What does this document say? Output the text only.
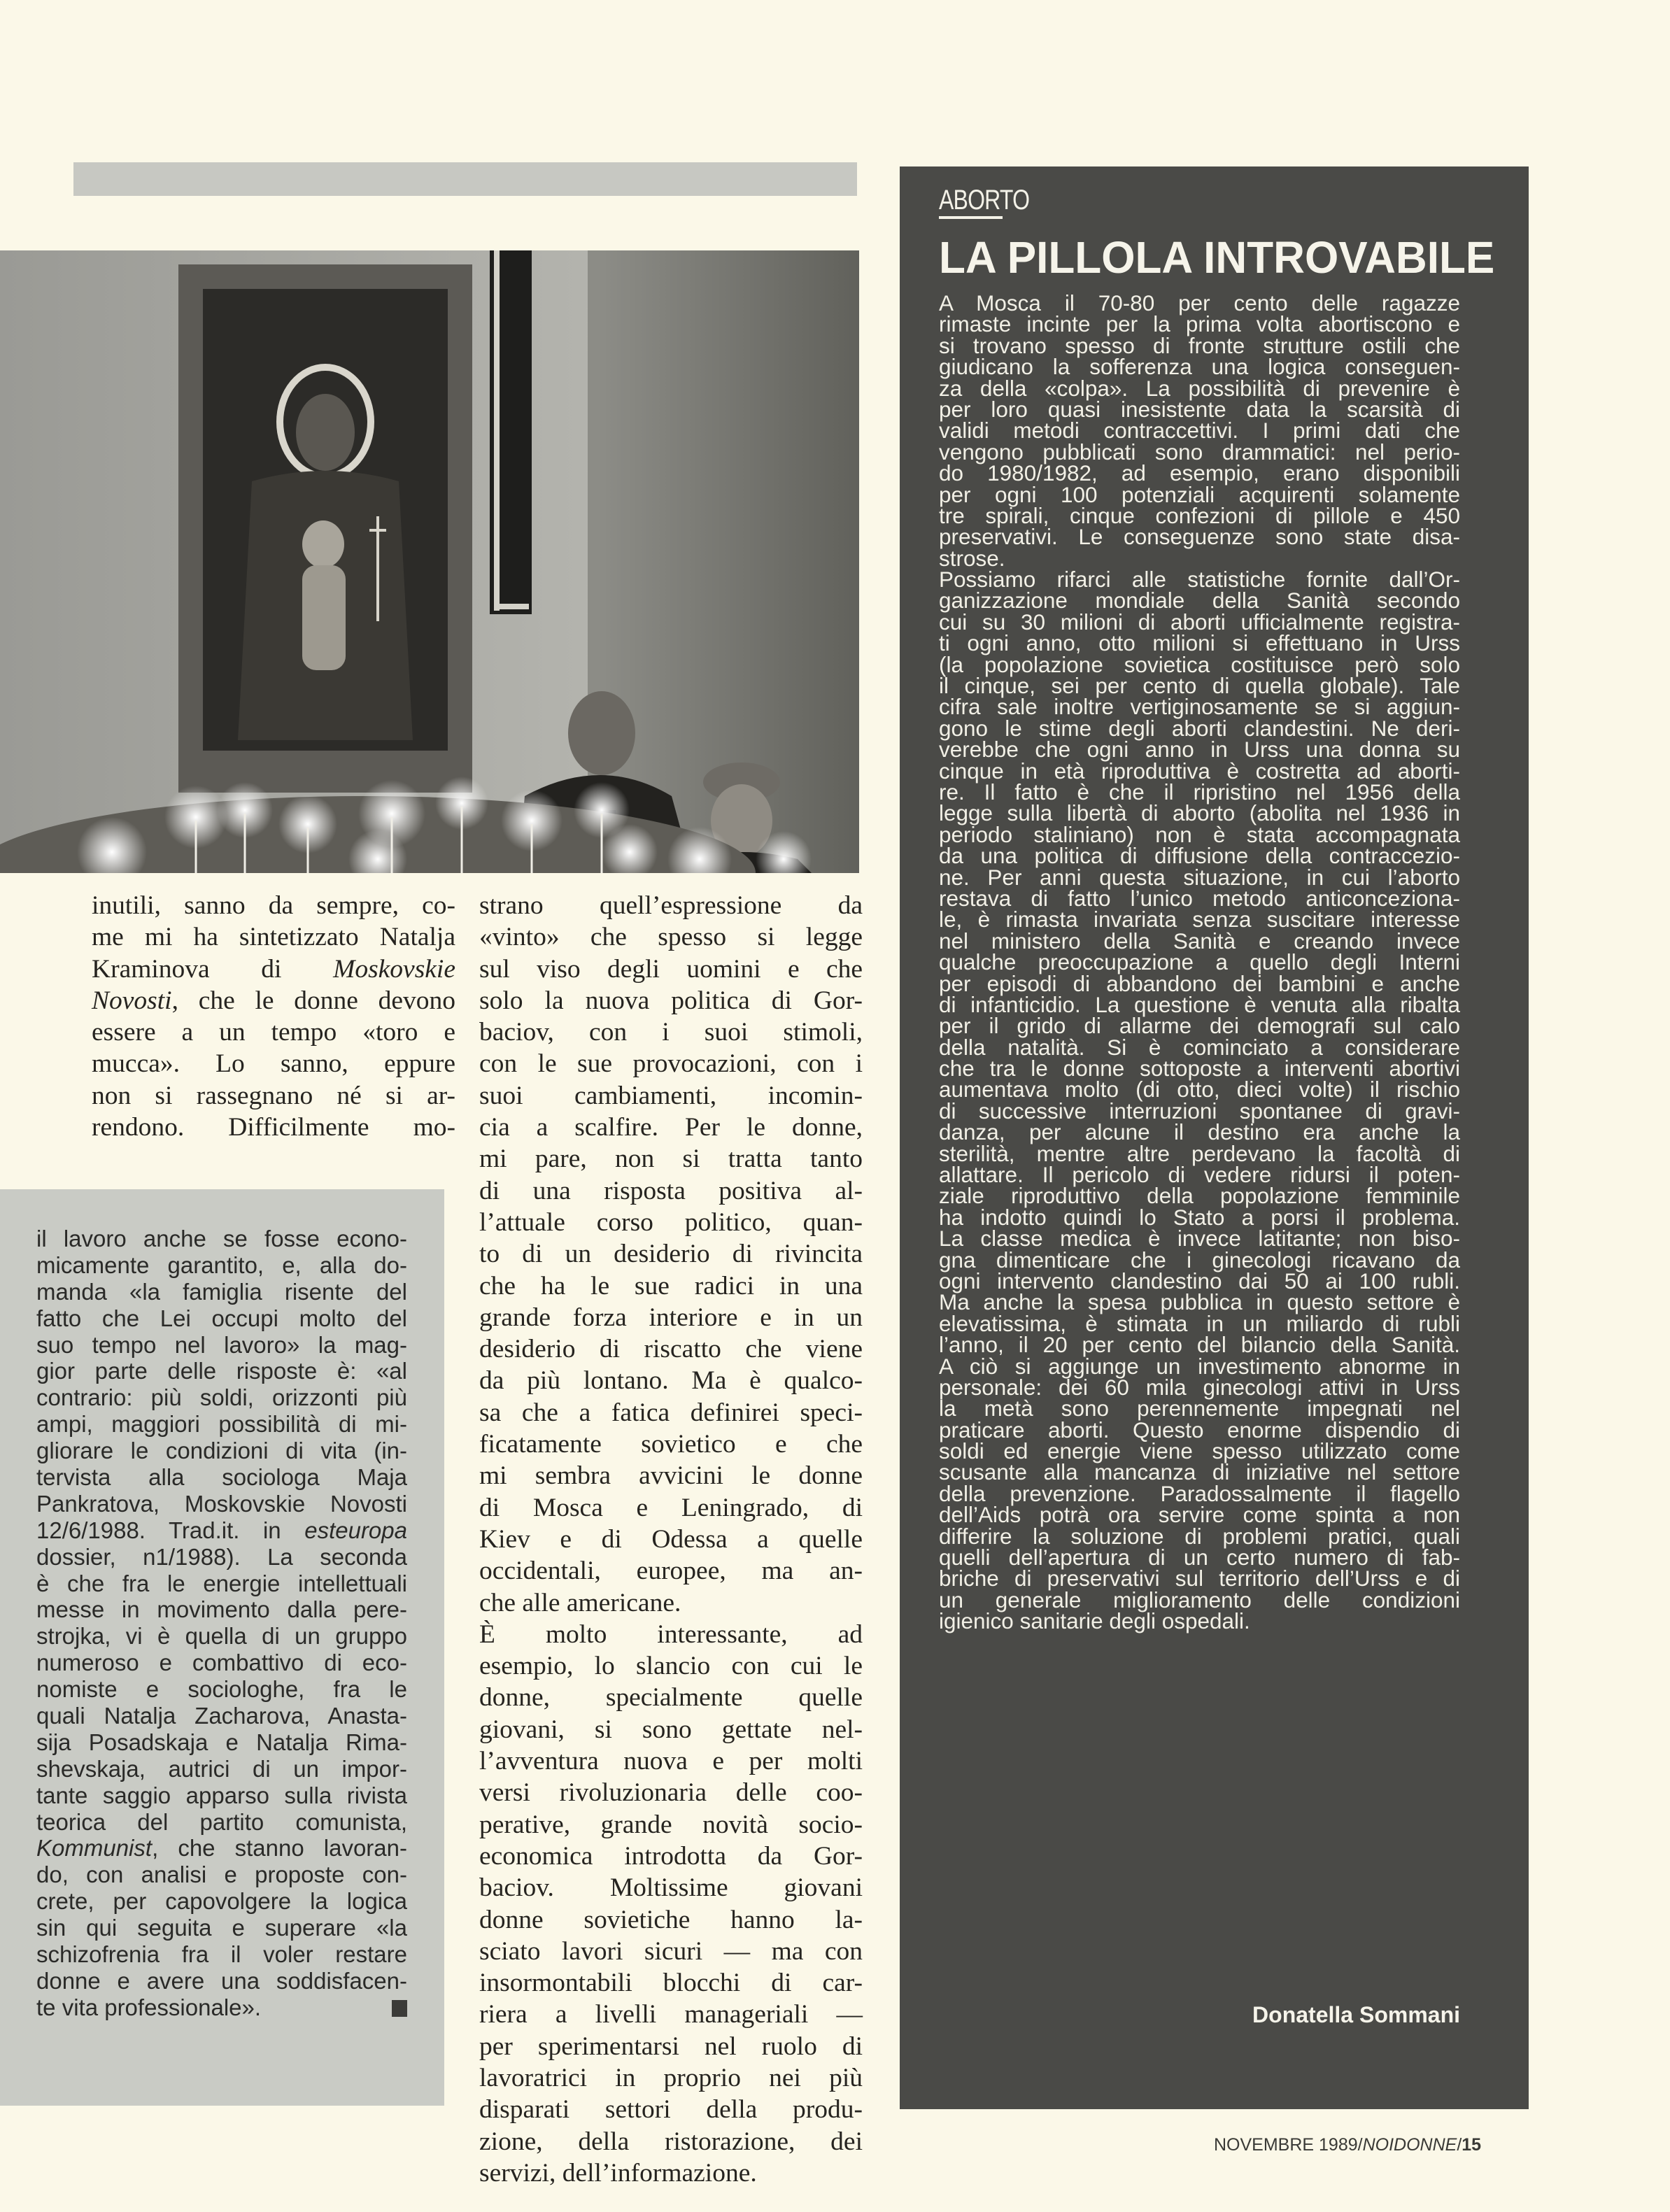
inutili, sanno da sempre, co-
me mi ha sintetizzato Natalja
Kraminova di Moskovskie
Novosti, che le donne devono
essere a un tempo «toro e
mucca». Lo sanno, eppure
non si rassegnano né si ar-
rendono. Difficilmente mo-
strano quell’espressione da
«vinto» che spesso si legge
sul viso degli uomini e che
solo la nuova politica di Gor-
baciov, con i suoi stimoli,
con le sue provocazioni, con i
suoi cambiamenti, incomin-
cia a scalfire. Per le donne,
mi pare, non si tratta tanto
di una risposta positiva al-
l’attuale corso politico, quan-
to di un desiderio di rivincita
che ha le sue radici in una
grande forza interiore e in un
desiderio di riscatto che viene
da più lontano. Ma è qualco-
sa che a fatica definirei speci-
ficatamente sovietico e che
mi sembra avvicini le donne
di Mosca e Leningrado, di
Kiev e di Odessa a quelle
occidentali, europee, ma an-
che alle americane.
È molto interessante, ad
esempio, lo slancio con cui le
donne, specialmente quelle
giovani, si sono gettate nel-
l’avventura nuova e per molti
versi rivoluzionaria delle coo-
perative, grande novità socio-
economica introdotta da Gor-
baciov. Moltissime giovani
donne sovietiche hanno la-
sciato lavori sicuri — ma con
insormontabili blocchi di car-
riera a livelli manageriali —
per sperimentarsi nel ruolo di
lavoratrici in proprio nei più
disparati settori della produ-
zione, della ristorazione, dei
servizi, dell’informazione.
il lavoro anche se fosse econo-
micamente garantito, e, alla do-
manda «la famiglia risente del
fatto che Lei occupi molto del
suo tempo nel lavoro» la mag-
gior parte delle risposte è: «al
contrario: più soldi, orizzonti più
ampi, maggiori possibilità di mi-
gliorare le condizioni di vita (in-
tervista alla sociologa Maja
Pankratova, Moskovskie Novosti
12/6/1988. Trad.it. in esteuropa
dossier, n1/1988). La seconda
è che fra le energie intellettuali
messe in movimento dalla pere-
strojka, vi è quella di un gruppo
numeroso e combattivo di eco-
nomiste e sociologhe, fra le
quali Natalja Zacharova, Anasta-
sija Posadskaja e Natalja Rima-
shevskaja, autrici di un impor-
tante saggio apparso sulla rivista
teorica del partito comunista,
Kommunist, che stanno lavoran-
do, con analisi e proposte con-
crete, per capovolgere la logica
sin qui seguita e superare «la
schizofrenia fra il voler restare
donne e avere una soddisfacen-
te vita professionale».
ABORTO
LA PILLOLA INTROVABILE
A Mosca il 70-80 per cento delle ragazze
rimaste incinte per la prima volta abortiscono e
si trovano spesso di fronte strutture ostili che
giudicano la sofferenza una logica conseguen-
za della «colpa». La possibilità di prevenire è
per loro quasi inesistente data la scarsità di
validi metodi contraccettivi. I primi dati che
vengono pubblicati sono drammatici: nel perio-
do 1980/1982, ad esempio, erano disponibili
per ogni 100 potenziali acquirenti solamente
tre spirali, cinque confezioni di pillole e 450
preservativi. Le conseguenze sono state disa-
strose.
Possiamo rifarci alle statistiche fornite dall’Or-
ganizzazione mondiale della Sanità secondo
cui su 30 milioni di aborti ufficialmente registra-
ti ogni anno, otto milioni si effettuano in Urss
(la popolazione sovietica costituisce però solo
il cinque, sei per cento di quella globale). Tale
cifra sale inoltre vertiginosamente se si aggiun-
gono le stime degli aborti clandestini. Ne deri-
verebbe che ogni anno in Urss una donna su
cinque in età riproduttiva è costretta ad aborti-
re. Il fatto è che il ripristino nel 1956 della
legge sulla libertà di aborto (abolita nel 1936 in
periodo staliniano) non è stata accompagnata
da una politica di diffusione della contraccezio-
ne. Per anni questa situazione, in cui l’aborto
restava di fatto l’unico metodo anticonceziona-
le, è rimasta invariata senza suscitare interesse
nel ministero della Sanità e creando invece
qualche preoccupazione a quello degli Interni
per episodi di abbandono dei bambini e anche
di infanticidio. La questione è venuta alla ribalta
per il grido di allarme dei demografi sul calo
della natalità. Si è cominciato a considerare
che tra le donne sottoposte a interventi abortivi
aumentava molto (di otto, dieci volte) il rischio
di successive interruzioni spontanee di gravi-
danza, per alcune il destino era anche la
sterilità, mentre altre perdevano la facoltà di
allattare. Il pericolo di vedere ridursi il poten-
ziale riproduttivo della popolazione femminile
ha indotto quindi lo Stato a porsi il problema.
La classe medica è invece latitante; non biso-
gna dimenticare che i ginecologi ricavano da
ogni intervento clandestino dai 50 ai 100 rubli.
Ma anche la spesa pubblica in questo settore è
elevatissima, è stimata in un miliardo di rubli
l’anno, il 20 per cento del bilancio della Sanità.
A ciò si aggiunge un investimento abnorme in
personale: dei 60 mila ginecologi attivi in Urss
la metà sono perennemente impegnati nel
praticare aborti. Questo enorme dispendio di
soldi ed energie viene spesso utilizzato come
scusante alla mancanza di iniziative nel settore
della prevenzione. Paradossalmente il flagello
dell’Aids potrà ora servire come spinta a non
differire la soluzione di problemi pratici, quali
quelli dell’apertura di un certo numero di fab-
briche di preservativi sul territorio dell’Urss e di
un generale miglioramento delle condizioni
igienico sanitarie degli ospedali.
Donatella Sommani
NOVEMBRE 1989/NOIDONNE/15
